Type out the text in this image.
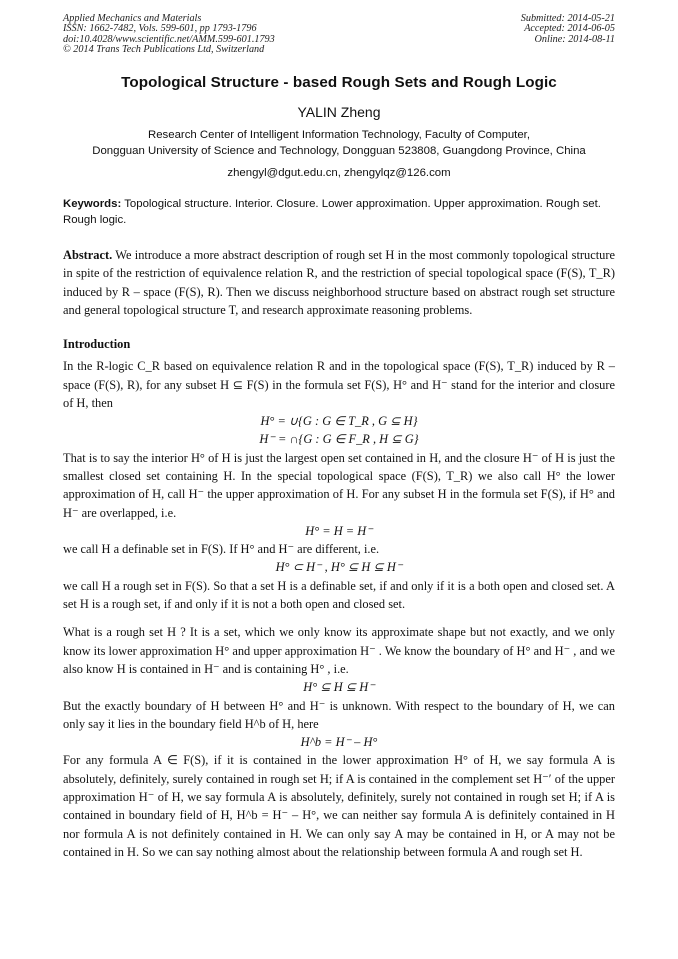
Applied Mechanics and Materials
ISSN: 1662-7482, Vols. 599-601, pp 1793-1796
doi:10.4028/www.scientific.net/AMM.599-601.1793
© 2014 Trans Tech Publications Ltd, Switzerland
Submitted: 2014-05-21
Accepted: 2014-06-05
Online: 2014-08-11
Topological Structure - based Rough Sets and Rough Logic
YALIN Zheng
Research Center of Intelligent Information Technology, Faculty of Computer,
Dongguan University of Science and Technology, Dongguan 523808, Guangdong Province, China
zhengyl@dgut.edu.cn, zhengylqz@126.com
Keywords: Topological structure. Interior. Closure. Lower approximation. Upper approximation. Rough set. Rough logic.
Abstract. We introduce a more abstract description of rough set H in the most commonly topological structure in spite of the restriction of equivalence relation R, and the restriction of special topological space (F(S), T_R) induced by R – space (F(S), R). Then we discuss neighborhood structure based on abstract rough set structure and general topological structure T, and research approximate reasoning problems.
Introduction
In the R-logic C_R based on equivalence relation R and in the topological space (F(S), T_R) induced by R – space (F(S), R), for any subset H ⊆ F(S) in the formula set F(S), H° and H⁻ stand for the interior and closure of H, then
H° = ∪{G : G ∈ T_R , G ⊆ H}
H⁻ = ∩{G : G ∈ F_R , H ⊆ G}
That is to say the interior H° of H is just the largest open set contained in H, and the closure H⁻ of H is just the smallest closed set containing H. In the special topological space (F(S), T_R) we also call H° the lower approximation of H, call H⁻ the upper approximation of H. For any subset H in the formula set F(S), if H° and H⁻ are overlapped, i.e.
H° = H = H⁻
we call H a definable set in F(S). If H° and H⁻ are different, i.e.
H° ⊂ H⁻ , H° ⊆ H ⊆ H⁻
we call H a rough set in F(S). So that a set H is a definable set, if and only if it is a both open and closed set. A set H is a rough set, if and only if it is not a both open and closed set.
What is a rough set H ? It is a set, which we only know its approximate shape but not exactly, and we only know its lower approximation H° and upper approximation H⁻ . We know the boundary of H° and H⁻ , and we also know H is contained in H⁻ and is containing H° , i.e.
H° ⊆ H ⊆ H⁻
But the exactly boundary of H between H° and H⁻ is unknown. With respect to the boundary of H, we can only say it lies in the boundary field H^b of H, here
H^b = H⁻ – H°
For any formula A ∈ F(S), if it is contained in the lower approximation H° of H, we say formula A is absolutely, definitely, surely contained in rough set H; if A is contained in the complement set H⁻′ of the upper approximation H⁻ of H, we say formula A is absolutely, definitely, surely not contained in rough set H; if A is contained in boundary field of H, H^b = H⁻ – H°, we can neither say formula A is definitely contained in H nor formula A is not definitely contained in H. We can only say A may be contained in H, or A may not be contained in H. So we can say nothing almost about the relationship between formula A and rough set H.
